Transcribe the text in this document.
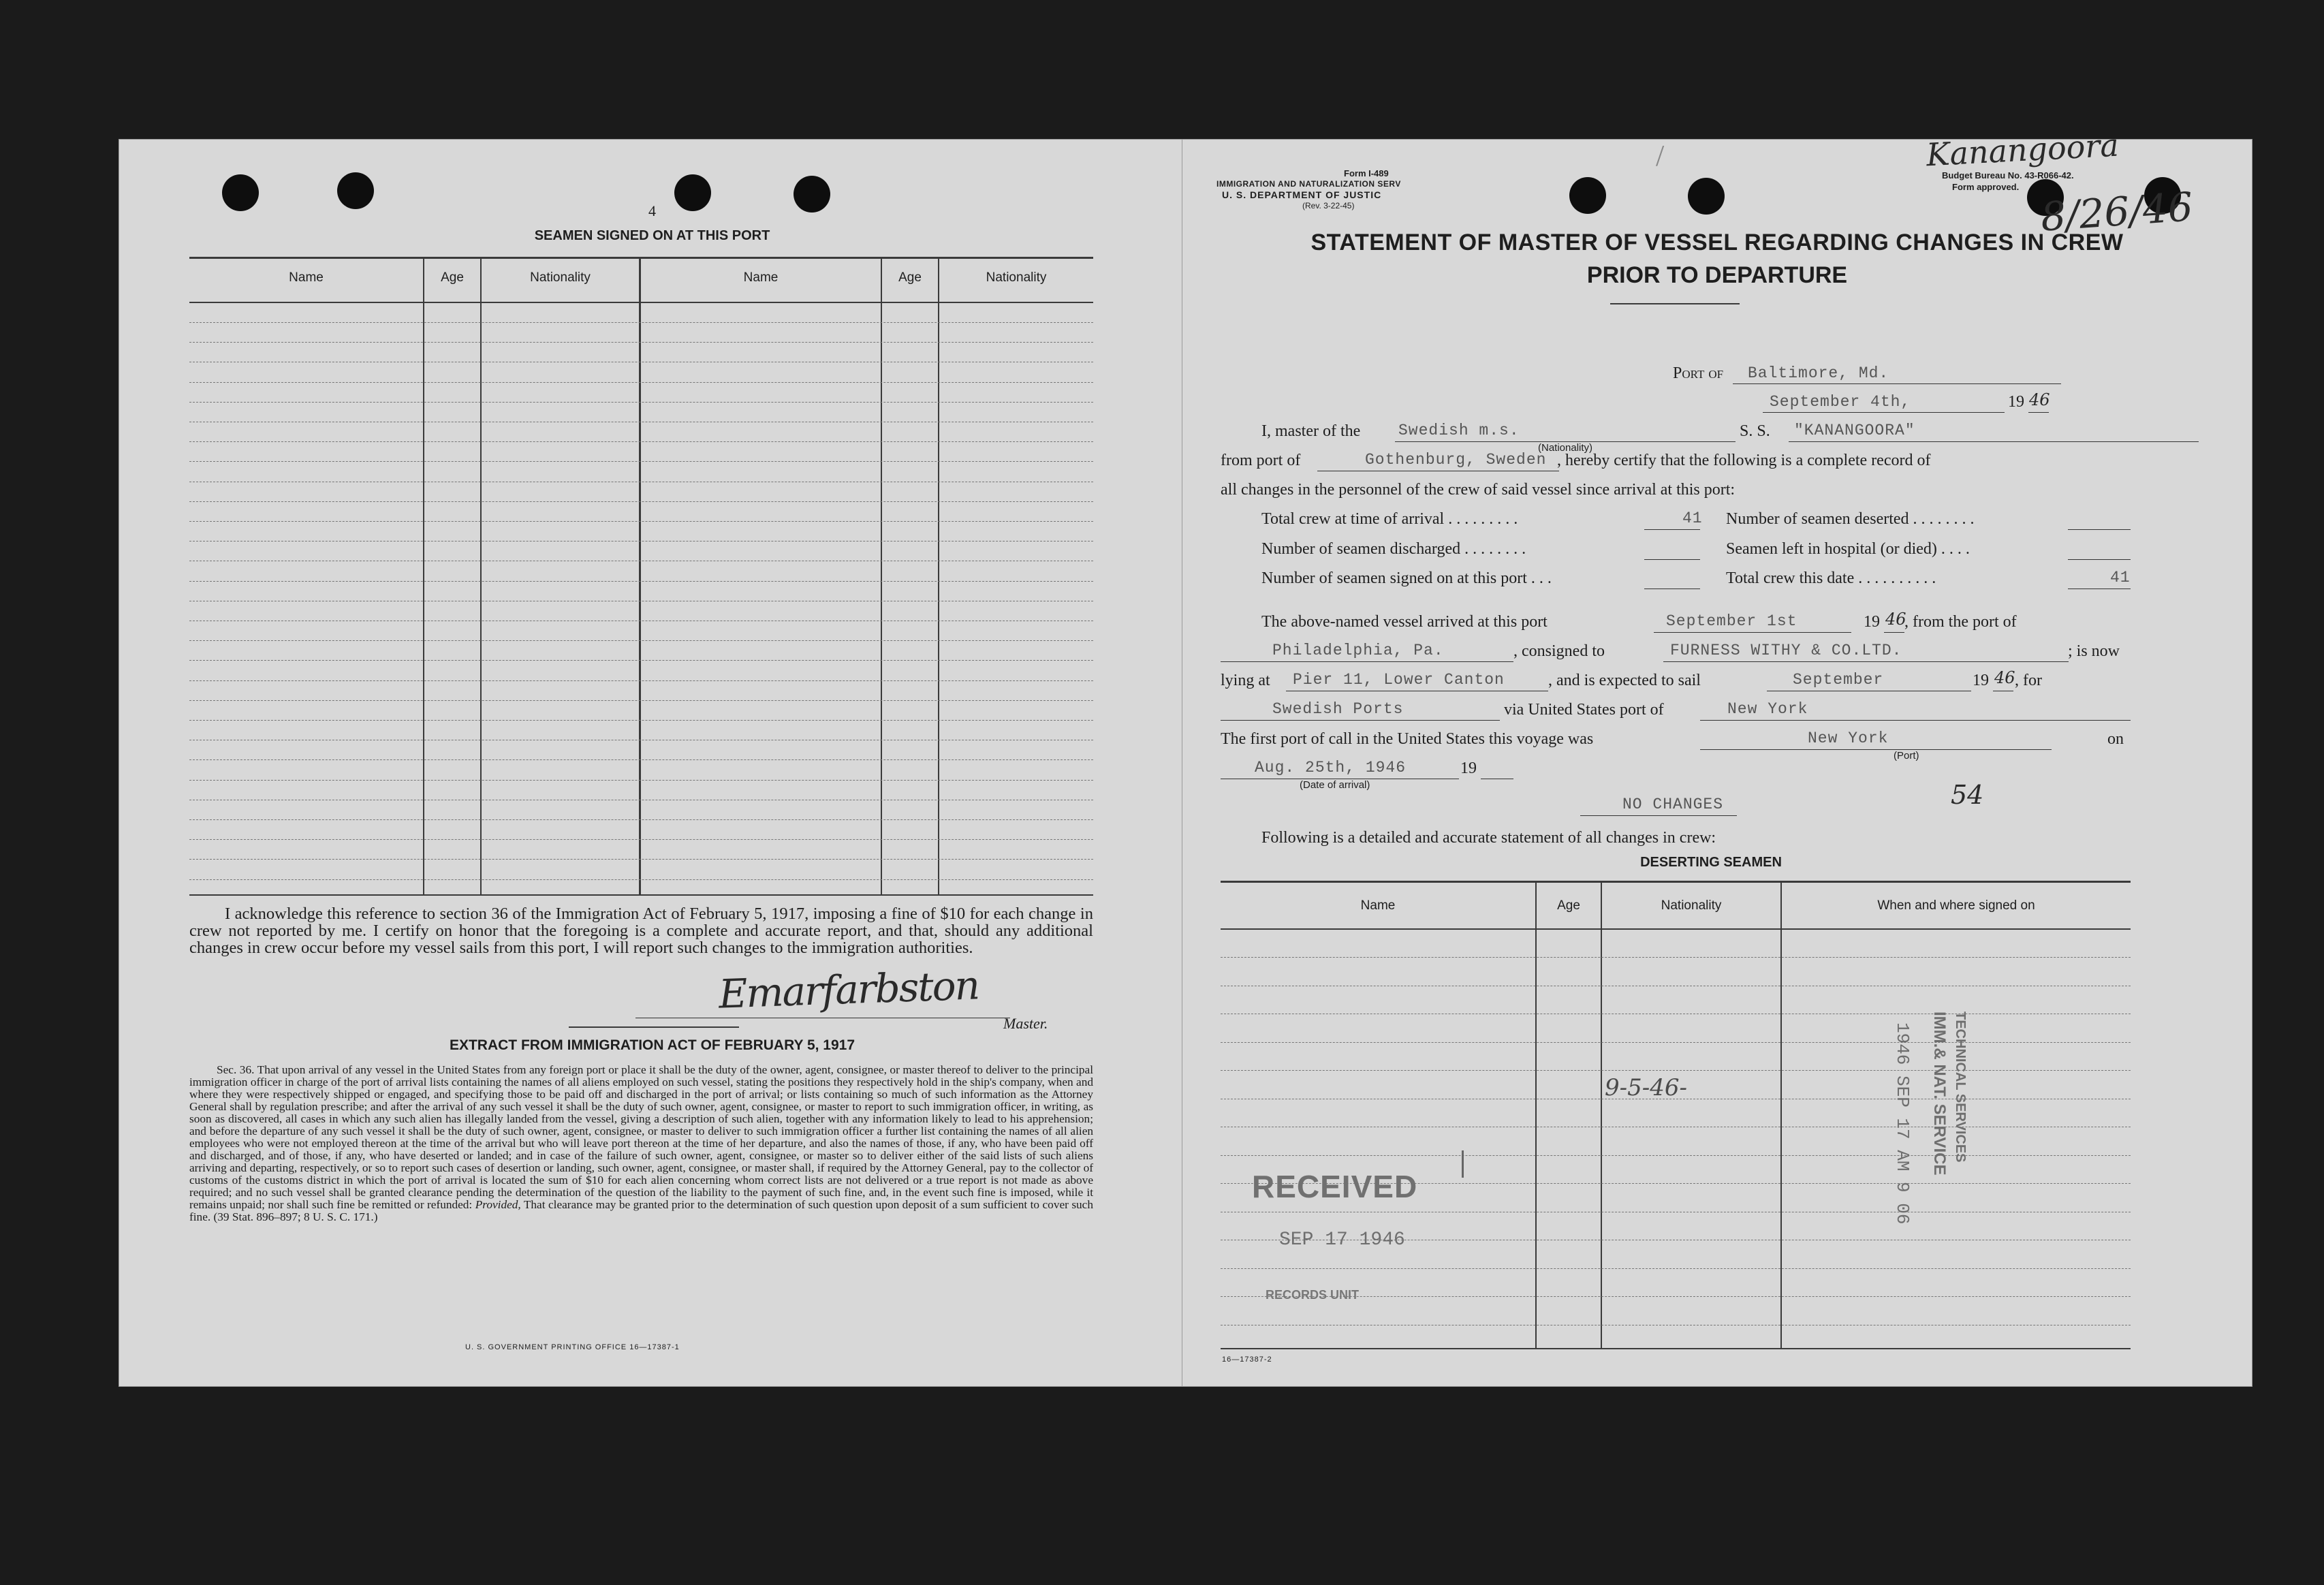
4
SEAMEN SIGNED ON AT THIS PORT
Name	Age	Nationality	Name	Age	Nationality
I acknowledge this reference to section 36 of the Immigration Act of February 5, 1917, imposing a fine of $10 for each change in crew not reported by me. I certify on honor that the foregoing is a complete and accurate report, and that, should any additional changes in crew occur before my vessel sails from this port, I will report such changes to the immigration authorities.
Emarfarbston
Master.
EXTRACT FROM IMMIGRATION ACT OF FEBRUARY 5, 1917
Sec. 36. That upon arrival of any vessel in the United States from any foreign port or place it shall be the duty of the owner, agent, consignee, or master thereof to deliver to the principal immigration officer in charge of the port of arrival lists containing the names of all aliens employed on such vessel, stating the positions they respectively hold in the ship's company, when and where they were respectively shipped or engaged, and specifying those to be paid off and discharged in the port of arrival; or lists containing so much of such information as the Attorney General shall by regulation prescribe; and after the arrival of any such vessel it shall be the duty of such owner, agent, consignee, or master to report to such immigration officer, in writing, as soon as discovered, all cases in which any such alien has illegally landed from the vessel, giving a description of such alien, together with any information likely to lead to his apprehension; and before the departure of any such vessel it shall be the duty of such owner, agent, consignee, or master to deliver to such immigration officer a further list containing the names of all alien employees who were not employed thereon at the time of the arrival but who will leave port thereon at the time of her departure, and also the names of those, if any, who have been paid off and discharged, and of those, if any, who have deserted or landed; and in case of the failure of such owner, agent, consignee, or master so to deliver either of the said lists of such aliens arriving and departing, respectively, or so to report such cases of desertion or landing, such owner, agent, consignee, or master shall, if required by the Attorney General, pay to the collector of customs of the customs district in which the port of arrival is located the sum of $10 for each alien concerning whom correct lists are not delivered or a true report is not made as above required; and no such vessel shall be granted clearance pending the determination of the question of the liability to the payment of such fine, and, in the event such fine is imposed, while it remains unpaid; nor shall such fine be remitted or refunded: Provided, That clearance may be granted prior to the determination of such question upon deposit of a sum sufficient to cover such fine. (39 Stat. 896–897; 8 U. S. C. 171.)
U. S. GOVERNMENT PRINTING OFFICE 16—17387-1
/
Form I-489
IMMIGRATION AND NATURALIZATION SERV
U. S. DEPARTMENT OF JUSTIC
(Rev. 3-22-45)
Budget Bureau No. 43-R066-42.
Form approved.
Kanangoora
8/26/46
STATEMENT OF MASTER OF VESSEL REGARDING CHANGES IN CREW
PRIOR TO DEPARTURE
Port of Baltimore, Md.
September 4th,	19 46
I, master of the Swedish m.s.
(Nationality)
S. S. "KANANGOORA"
from port of	Gothenburg, Sweden , hereby certify that the following is a complete record of
all changes in the personnel of the crew of said vessel since arrival at this port:
Total crew at time of arrival . . . . . . . . .	41 Number of seamen deserted . . . . . . . .
Number of seamen discharged . . . . . . . .	Seamen left in hospital (or died) . . . .
Number of seamen signed on at this port . . .	Total crew this date . . . . . . . . . .	41
The above-named vessel arrived at this port	September 1st	19 46
, from the port of
Philadelphia, Pa.	, consigned to	FURNESS WITHY & CO.LTD.	; is now
lying at Pier 11, Lower Canton	, and is expected to sail	September	19 46 , for
Swedish Ports	via United States port of	New York
The first port of call in the United States this voyage was	New York
(Port)
on
Aug. 25th, 1946
(Date of arrival)
19
NO CHANGES	54
Following is a detailed and accurate statement of all changes in crew:
DESERTING SEAMEN
Name	Age	Nationality	When and where signed on
9-5-46-
RECEIVED
SEP 17 1946
RECORDS UNIT
1946 SEP 17 AM 9 06 IMM.& NAT. SERVICE TECHNICAL SERVICES
16—17387-2
